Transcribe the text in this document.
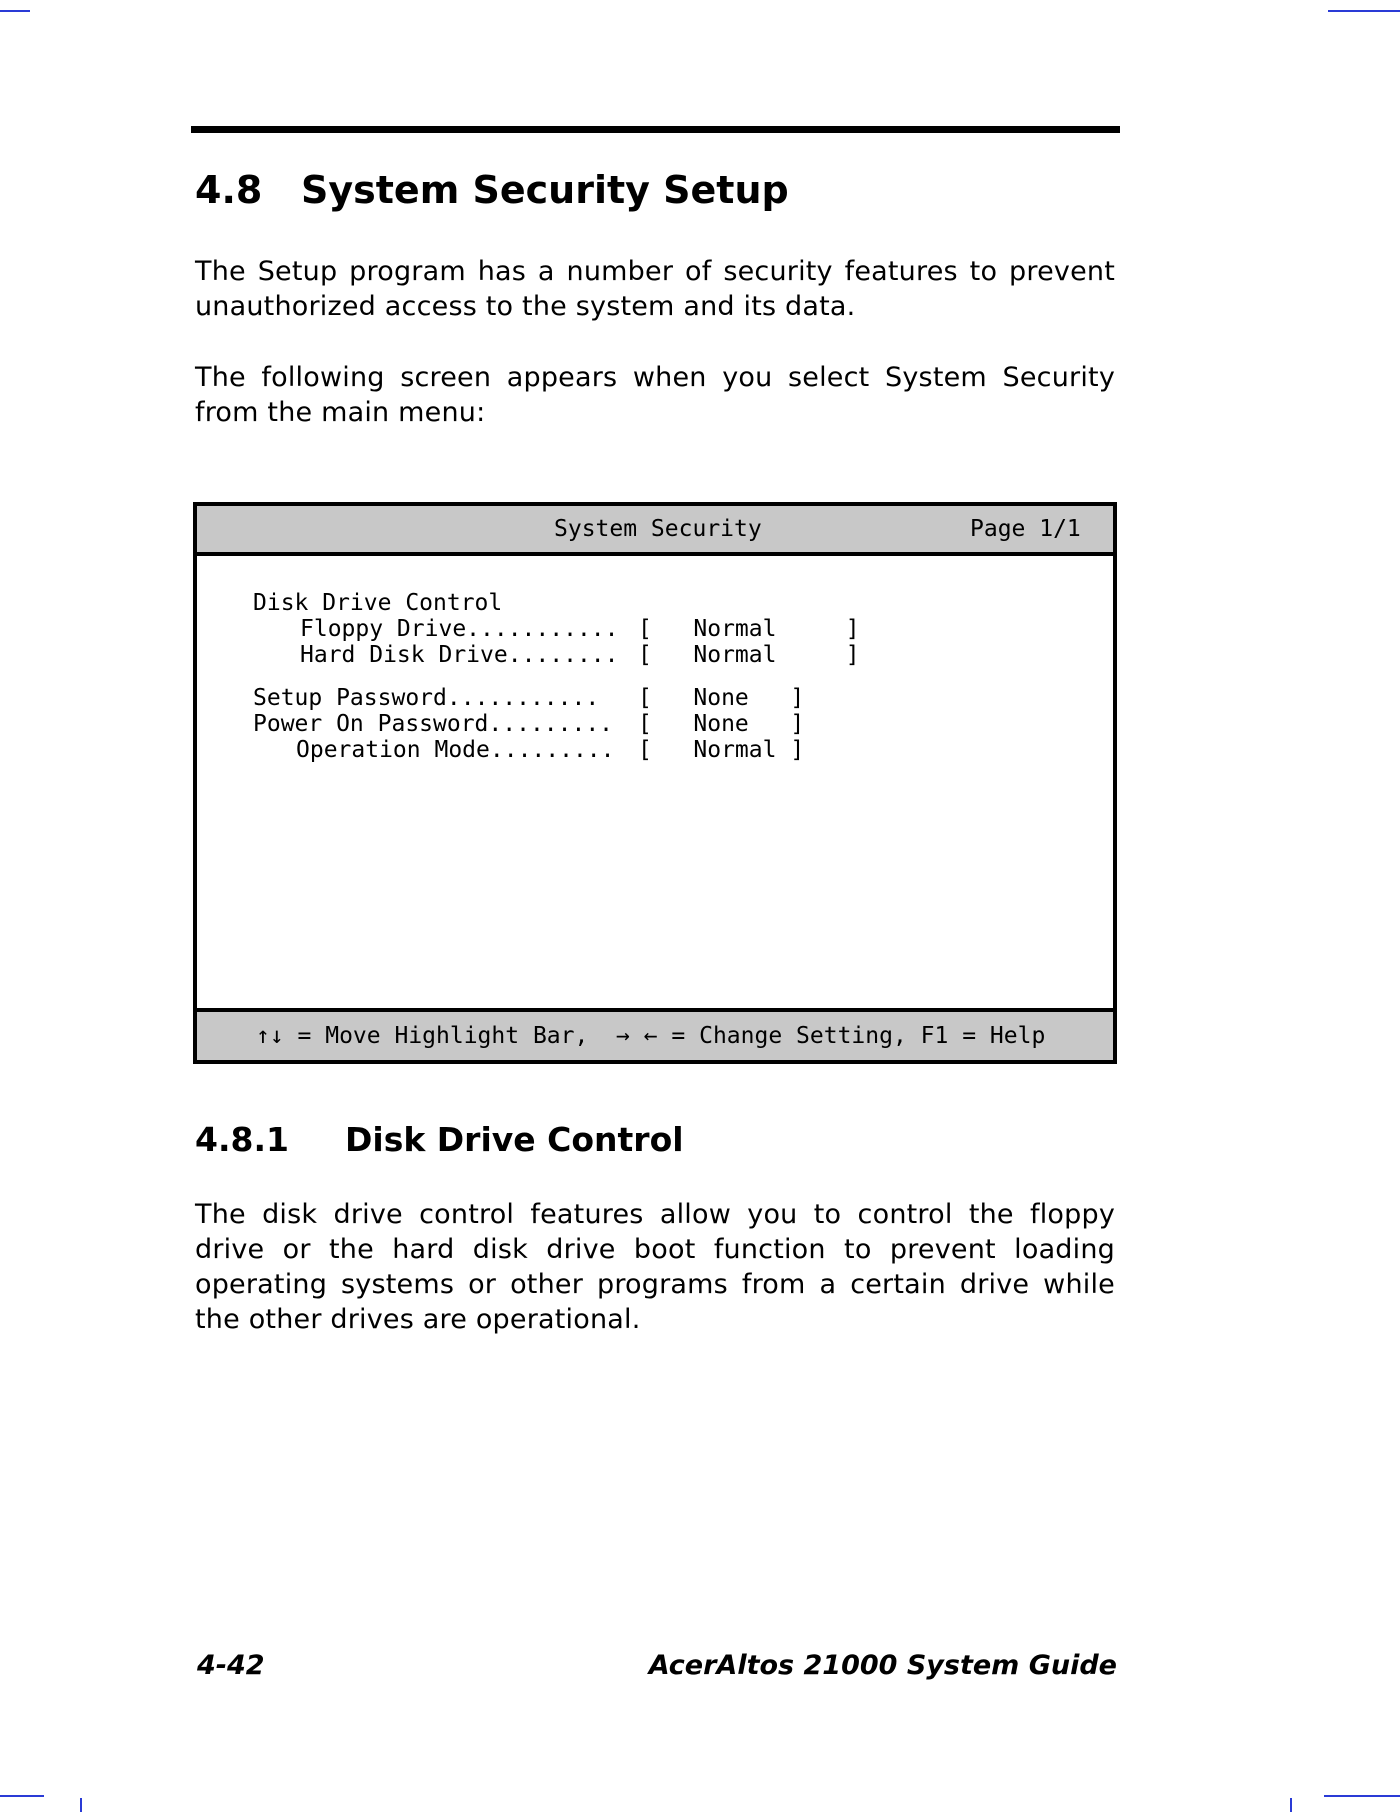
4.8 System Security Setup

The Setup program has a number of security features to prevent unauthorized access to the system and its data.

The following screen appears when you select System Security from the main menu:

System Security	Page 1/1
Disk Drive Control
Floppy Drive........... [   Normal     ]
Hard Disk Drive........ [   Normal     ]
Setup Password........... [   None   ]
Power On Password......... [   None   ]
Operation Mode......... [   Normal ]
↑↓ = Move Highlight Bar,  → ← = Change Setting, F1 = Help
4.8.1 Disk Drive Control

The disk drive control features allow you to control the floppy drive or the hard disk drive boot function to prevent loading operating systems or other programs from a certain drive while the other drives are operational.

4-42	AcerAltos 21000 System Guide
